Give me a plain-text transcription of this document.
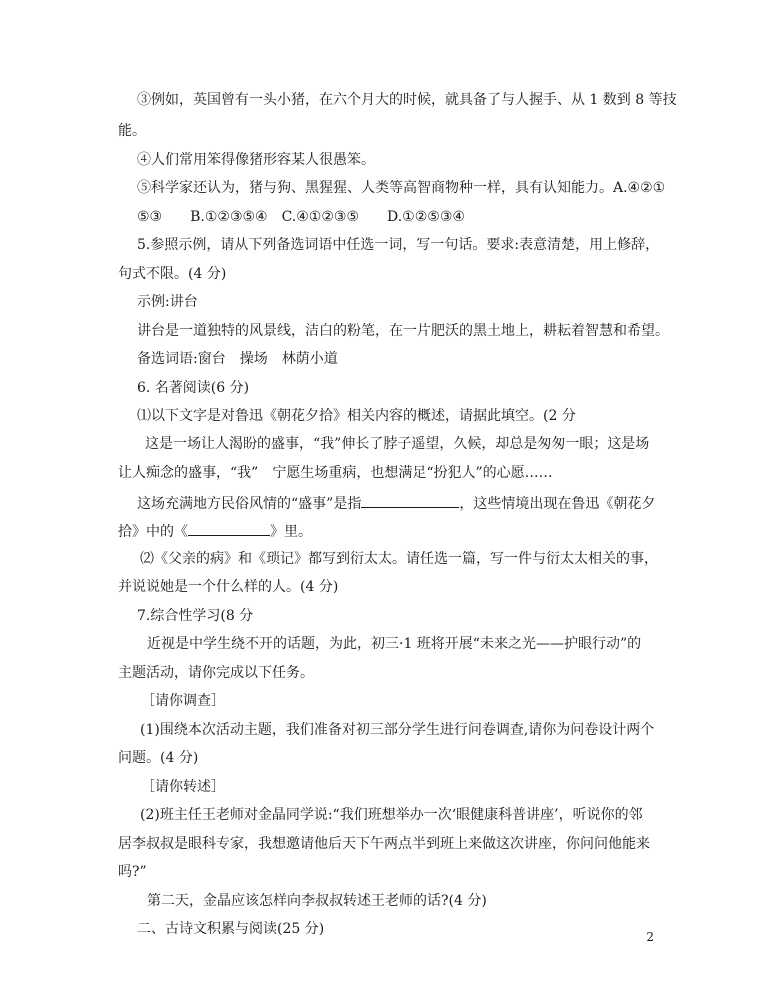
③例如，英国曾有一头小猪，在六个月大的时候，就具备了与人握手、从 1 数到 8 等技
能。
④人们常用笨得像猪形容某人很愚笨。
⑤科学家还认为，猪与狗、黑猩猩、人类等高智商物种一样，具有认知能力。A.④②①
⑤③　　B.①②③⑤④　C.④①②③⑤　　D.①②⑤③④
5.参照示例，请从下列备选词语中任选一词，写一句话。要求:表意清楚，用上修辞，
句式不限。(4 分)
示例:讲台
讲台是一道独特的风景线，洁白的粉笔，在一片肥沃的黑土地上，耕耘着智慧和希望。
备选词语:窗台　操场　林荫小道
6. 名著阅读(6 分)
⑴以下文字是对鲁迅《朝花夕拾》相关内容的概述，请据此填空。(2 分
这是一场让人渴盼的盛事，“我”伸长了脖子遥望，久候，却总是匆匆一眼；这是场
让人痴念的盛事，“我”　宁愿生场重病，也想满足“扮犯人”的心愿……
这场充满地方民俗风情的“盛事”是指	，这些情境出现在鲁迅《朝花夕
拾》中的《	》里。
⑵《父亲的病》和《琐记》都写到衍太太。请任选一篇，写一件与衍太太相关的事，
并说说她是一个什么样的人。(4 分)
7.综合性学习(8 分
近视是中学生绕不开的话题，为此，初三·1 班将开展“未来之光——护眼行动”的
主题活动，请你完成以下任务。
［请你调查］
(1)围绕本次活动主题，我们准备对初三部分学生进行问卷调查,请你为问卷设计两个
问题。(4 分)
［请你转述］
(2)班主任王老师对金晶同学说:“我们班想举办一次‘眼健康科普讲座’，听说你的邻
居李叔叔是眼科专家，我想邀请他后天下午两点半到班上来做这次讲座，你问问他能来
吗?”
第二天，金晶应该怎样向李叔叔转述王老师的话?(4 分)
二、古诗文积累与阅读(25 分)	2
